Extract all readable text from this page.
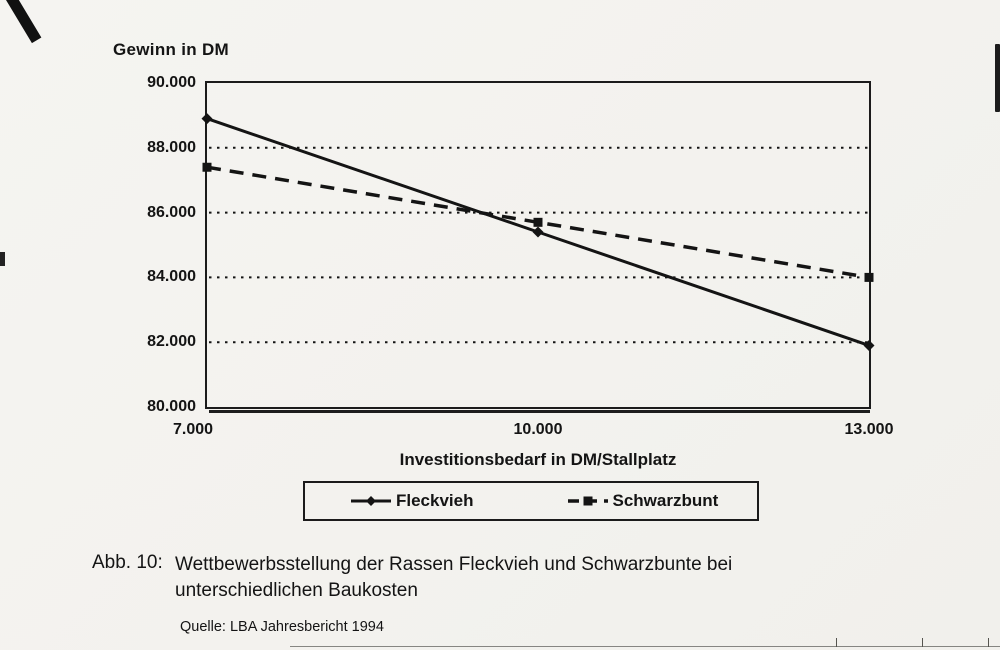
Gewinn in DM
Investitionsbedarf in DM/Stallplatz
90.000
88.000
86.000
84.000
82.000
80.000
7.000	10.000	13.000
Fleckvieh	Schwarzbunt
Abb. 10: Wettbewerbsstellung der Rassen Fleckvieh und Schwarzbunte bei unterschiedlichen Baukosten
Quelle: LBA Jahresbericht 1994
